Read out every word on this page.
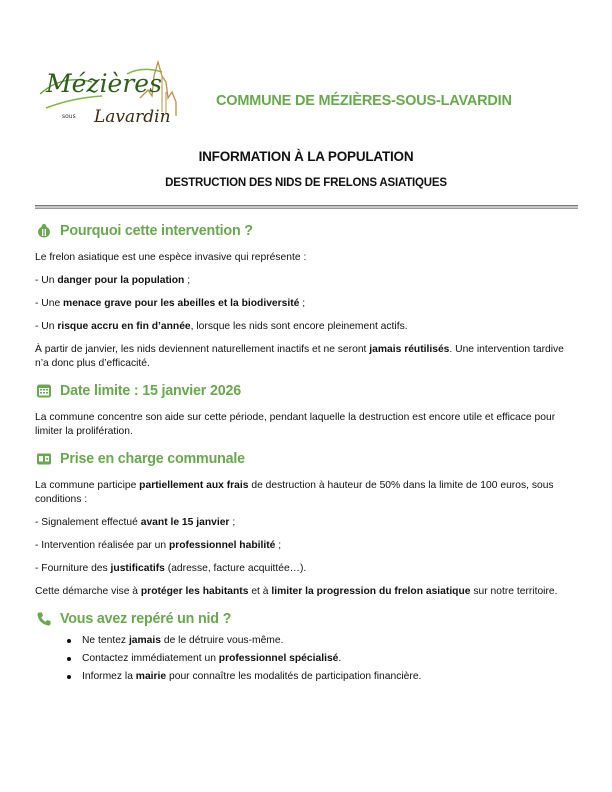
Mézières
sous Lavardin
COMMUNE DE MÉZIÈRES-SOUS-LAVARDIN
INFORMATION À LA POPULATION
DESTRUCTION DES NIDS DE FRELONS ASIATIQUES
Pourquoi cette intervention ?

Le frelon asiatique est une espèce invasive qui représente :

- Un danger pour la population ;

- Une menace grave pour les abeilles et la biodiversité ;

- Un risque accru en fin d’année, lorsque les nids sont encore pleinement actifs.

À partir de janvier, les nids deviennent naturellement inactifs et ne seront jamais réutilisés. Une intervention tardive n’a donc plus d’efficacité.

Date limite : 15 janvier 2026

La commune concentre son aide sur cette période, pendant laquelle la destruction est encore utile et efficace pour limiter la prolifération.

Prise en charge communale

La commune participe partiellement aux frais de destruction à hauteur de 50% dans la limite de 100 euros, sous conditions :

- Signalement effectué avant le 15 janvier ;

- Intervention réalisée par un professionnel habilité ;

- Fourniture des justificatifs (adresse, facture acquittée…).

Cette démarche vise à protéger les habitants et à limiter la progression du frelon asiatique sur notre territoire.

Vous avez repéré un nid ?
Ne tentez jamais de le détruire vous-même.
Contactez immédiatement un professionnel spécialisé.
Informez la mairie pour connaître les modalités de participation financière.
